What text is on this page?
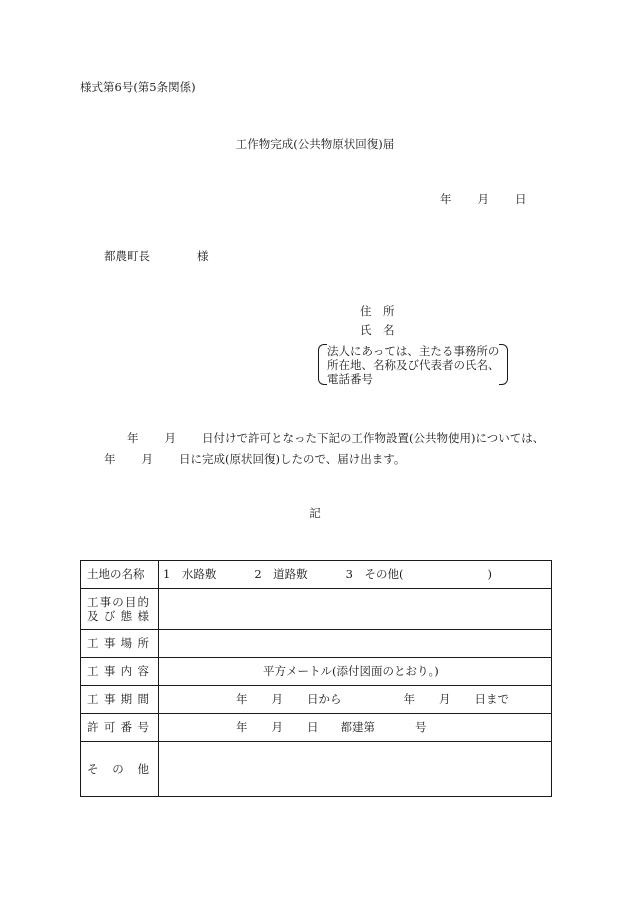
様式第6号(第5条関係)
工作物完成(公共物原状回復)届
年 月 日
都農町長	様
住　所
氏　名
法人にあっては、主たる事務所の
所在地、名称及び代表者の氏名、
電話番号
年 月 日付けで許可となった下記の工作物設置(公共物使用)については、
年 月 日に完成(原状回復)したので、届け出ます。
記
土地の名称	1　水路敷 2　道路敷 3　その他( )

工事の目的
及び態様	

工事場所	

工事内容	平方メートル(添付図面のとおり。)

工事期間	年 月 日から 年 月 日まで

許可番号	年 月 日 都建第 号

その他	
